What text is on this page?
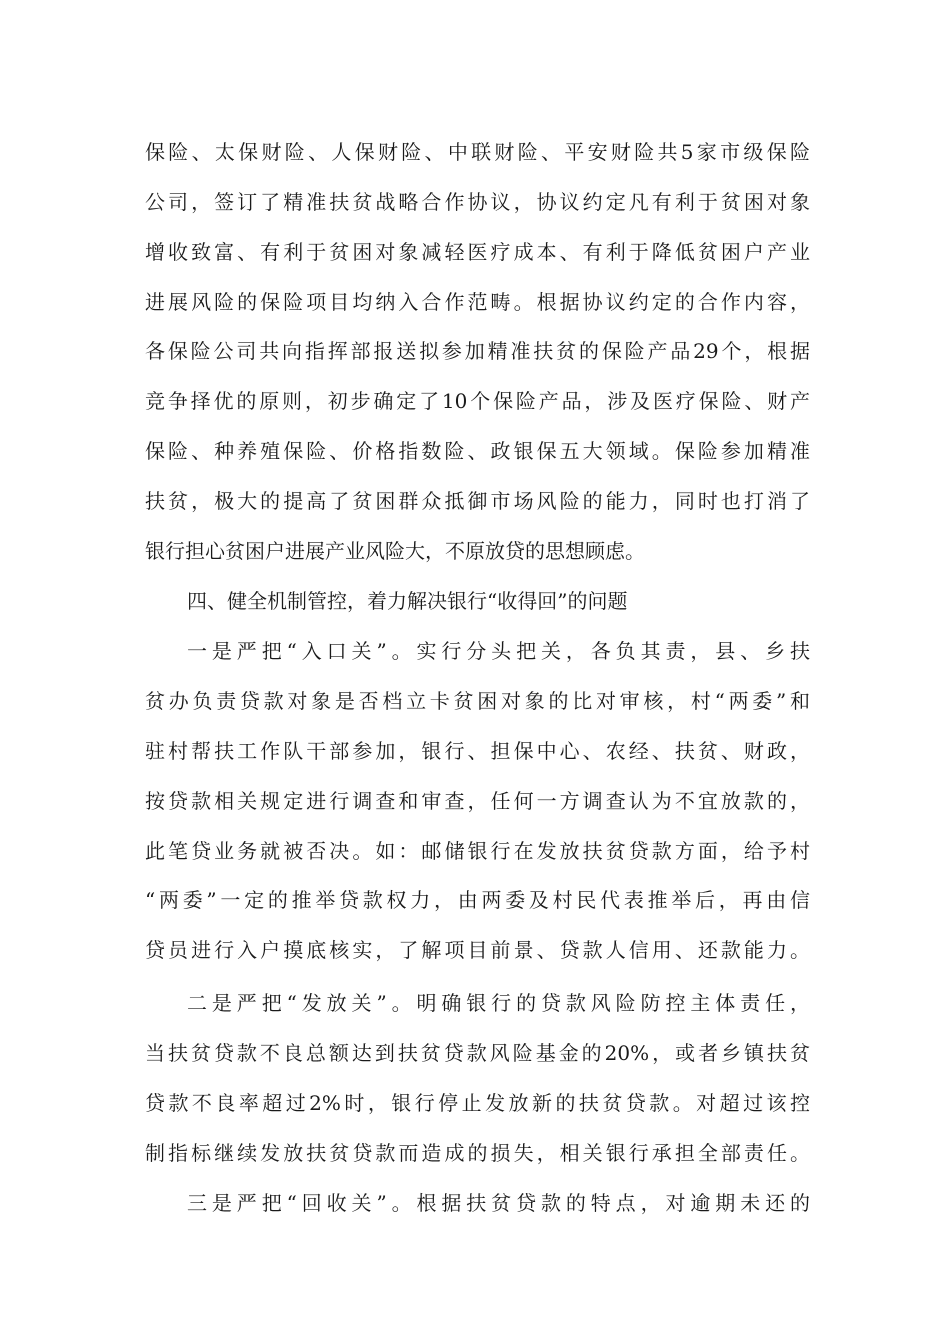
保险、太保财险、人保财险、中联财险、平安财险共5家市级保险
公司，签订了精准扶贫战略合作协议，协议约定凡有利于贫困对象
增收致富、有利于贫困对象减轻医疗成本、有利于降低贫困户产业
进展风险的保险项目均纳入合作范畴。根据协议约定的合作内容，
各保险公司共向指挥部报送拟参加精准扶贫的保险产品29个，根据
竞争择优的原则，初步确定了10个保险产品，涉及医疗保险、财产
保险、种养殖保险、价格指数险、政银保五大领域。保险参加精准
扶贫，极大的提高了贫困群众抵御市场风险的能力，同时也打消了
银行担心贫困户进展产业风险大，不原放贷的思想顾虑。
四、健全机制管控，着力解决银行“收得回”的问题
一是严把“入口关”。实行分头把关，各负其责，县、乡扶
贫办负责贷款对象是否档立卡贫困对象的比对审核，村“两委”和
驻村帮扶工作队干部参加，银行、担保中心、农经、扶贫、财政，
按贷款相关规定进行调查和审查，任何一方调查认为不宜放款的，
此笔贷业务就被否决。如：邮储银行在发放扶贫贷款方面，给予村
“两委”一定的推举贷款权力，由两委及村民代表推举后，再由信
贷员进行入户摸底核实，了解项目前景、贷款人信用、还款能力。
二是严把“发放关”。明确银行的贷款风险防控主体责任，
当扶贫贷款不良总额达到扶贫贷款风险基金的20%，或者乡镇扶贫
贷款不良率超过2%时，银行停止发放新的扶贫贷款。对超过该控
制指标继续发放扶贫贷款而造成的损失，相关银行承担全部责任。
三是严把“回收关”。根据扶贫贷款的特点，对逾期未还的
